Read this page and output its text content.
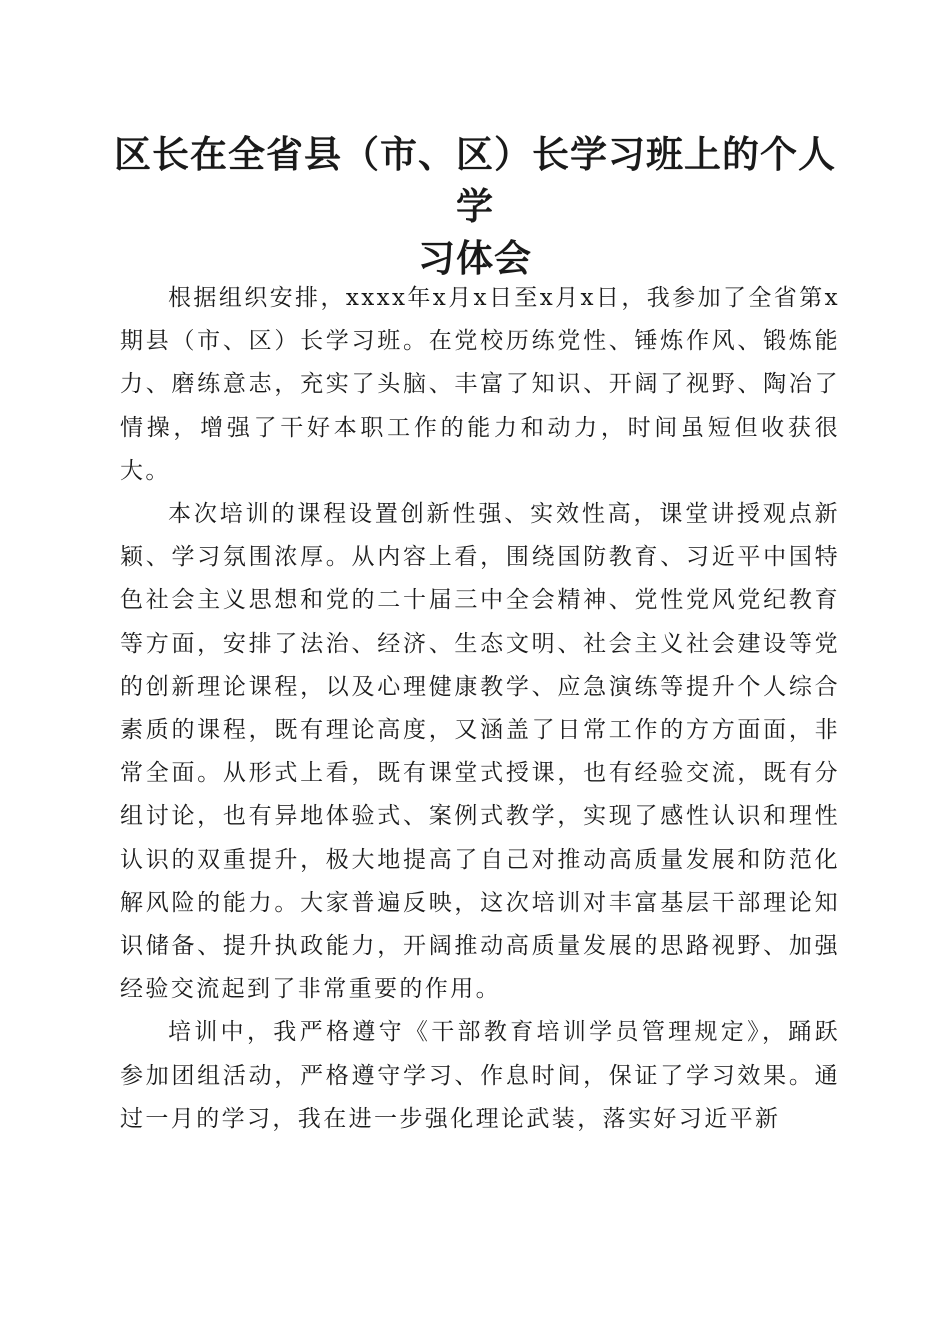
区长在全省县（市、区）长学习班上的个人学
习体会

根据组织安排，xxxx年x月x日至x月x日，我参加了全省第x期县（市、区）长学习班。在党校历练党性、锤炼作风、锻炼能力、磨练意志，充实了头脑、丰富了知识、开阔了视野、陶冶了情操，增强了干好本职工作的能力和动力，时间虽短但收获很大。

本次培训的课程设置创新性强、实效性高，课堂讲授观点新颖、学习氛围浓厚。从内容上看，围绕国防教育、习近平中国特色社会主义思想和党的二十届三中全会精神、党性党风党纪教育等方面，安排了法治、经济、生态文明、社会主义社会建设等党的创新理论课程，以及心理健康教学、应急演练等提升个人综合素质的课程，既有理论高度，又涵盖了日常工作的方方面面，非常全面。从形式上看，既有课堂式授课，也有经验交流，既有分组讨论，也有异地体验式、案例式教学，实现了感性认识和理性认识的双重提升，极大地提高了自己对推动高质量发展和防范化解风险的能力。大家普遍反映，这次培训对丰富基层干部理论知识储备、提升执政能力，开阔推动高质量发展的思路视野、加强经验交流起到了非常重要的作用。

培训中，我严格遵守《干部教育培训学员管理规定》，踊跃参加团组活动，严格遵守学习、作息时间，保证了学习效果。通过一月的学习，我在进一步强化理论武装，落实好习近平新
